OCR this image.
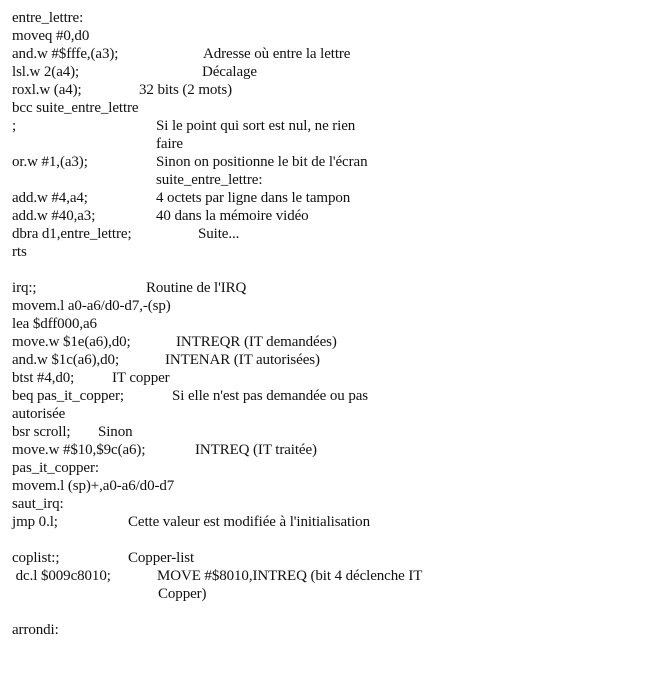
entre_lettre:
moveq #0,d0
and.w #$fffe,(a3);	Adresse où entre la lettre
lsl.w 2(a4);	Décalage
roxl.w (a4);	32 bits (2 mots)
bcc suite_entre_lettre
;	Si le point qui sort est nul, ne rien
faire
or.w #1,(a3);	Sinon on positionne le bit de l'écran
suite_entre_lettre:
add.w #4,a4;	4 octets par ligne dans le tampon
add.w #40,a3;	40 dans la mémoire vidéo
dbra d1,entre_lettre;	Suite...
rts
irq:;	Routine de l'IRQ
movem.l a0-a6/d0-d7,-(sp)
lea $dff000,a6
move.w $1e(a6),d0;	INTREQR (IT demandées)
and.w $1c(a6),d0;	INTENAR (IT autorisées)
btst #4,d0;	IT copper
beq pas_it_copper;	Si elle n'est pas demandée ou pas
autorisée
bsr scroll; Sinon
move.w #$10,$9c(a6);	INTREQ (IT traitée)
pas_it_copper:
movem.l (sp)+,a0-a6/d0-d7
saut_irq:
jmp 0.l;	Cette valeur est modifiée à l'initialisation
coplist:;	Copper-list
dc.l $009c8010;	MOVE #$8010,INTREQ (bit 4 déclenche IT
Copper)
arrondi:
